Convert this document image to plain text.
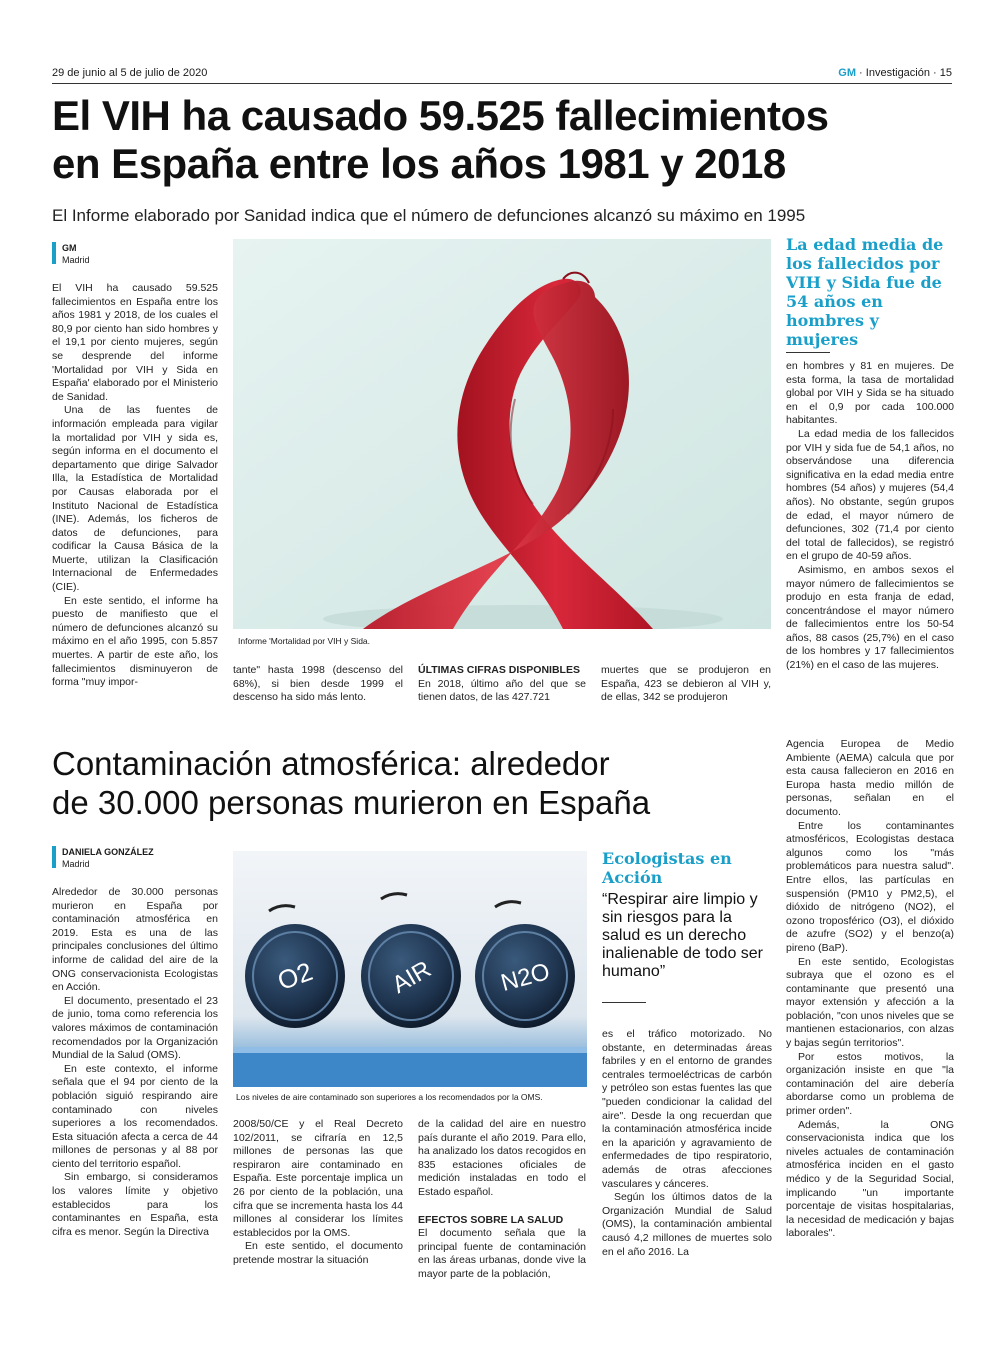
29 de junio al 5 de julio de 2020	GM · Investigación · 15
El VIH ha causado 59.525 fallecimientos
en España entre los años 1981 y 2018
El Informe elaborado por Sanidad indica que el número de defunciones alcanzó su máximo en 1995
GM
Madrid

El VIH ha causado 59.525 fallecimientos en España entre los años 1981 y 2018, de los cuales el 80,9 por ciento han sido hombres y el 19,1 por ciento mujeres, según se desprende del informe 'Mortalidad por VIH y Sida en España' elaborado por el Ministerio de Sanidad.

Una de las fuentes de información empleada para vigilar la mortalidad por VIH y sida es, según informa en el documento el departamento que dirige Salvador Illa, la Estadística de Mortalidad por Causas elaborada por el Instituto Nacional de Estadística (INE). Además, los ficheros de datos de defunciones, para codificar la Causa Básica de la Muerte, utilizan la Clasificación Internacional de Enfermedades (CIE).

En este sentido, el informe ha puesto de manifiesto que el número de defunciones alcanzó su máximo en el año 1995, con 5.857 muertes. A partir de este año, los fallecimientos disminuyeron de forma "muy impor-

Informe 'Mortalidad por VIH y Sida.

tante" hasta 1998 (descenso del 68%), si bien desde 1999 el descenso ha sido más lento.

ÚLTIMAS CIFRAS DISPONIBLES

En 2018, último año del que se tienen datos, de las 427.721

muertes que se produjeron en España, 423 se debieron al VIH y, de ellas, 342 se produjeron

La edad media de los fallecidos por VIH y Sida fue de 54 años en hombres y mujeres

en hombres y 81 en mujeres. De esta forma, la tasa de mortalidad global por VIH y Sida se ha situado en el 0,9 por cada 100.000 habitantes.

La edad media de los fallecidos por VIH y sida fue de 54,1 años, no observándose una diferencia significativa en la edad media entre hombres (54 años) y mujeres (54,4 años). No obstante, según grupos de edad, el mayor número de defunciones, 302 (71,4 por ciento del total de fallecidos), se registró en el grupo de 40-59 años.

Asimismo, en ambos sexos el mayor número de fallecimientos se produjo en esta franja de edad, concentrándose el mayor número de fallecimientos entre los 50-54 años, 88 casos (25,7%) en el caso de los hombres y 17 fallecimientos (21%) en el caso de las mujeres.

Contaminación atmosférica: alrededor
de 30.000 personas murieron en España
DANIELA GONZÁLEZ
Madrid

Alrededor de 30.000 personas murieron en España por contaminación atmosférica en 2019. Esta es una de las principales conclusiones del último informe de calidad del aire de la ONG conservacionista Ecologistas en Acción.

El documento, presentado el 23 de junio, toma como referencia los valores máximos de contaminación recomendados por la Organización Mundial de la Salud (OMS).

En este contexto, el informe señala que el 94 por ciento de la población siguió respirando aire contaminado con niveles superiores a los recomendados. Esta situación afecta a cerca de 44 millones de personas y al 88 por ciento del territorio español.

Sin embargo, si consideramos los valores límite y objetivo establecidos para los contaminantes en España, esta cifra es menor. Según la Directiva

O2	AIR	N2O
Los niveles de aire contaminado son superiores a los recomendados por la OMS.

2008/50/CE y el Real Decreto 102/2011, se cifraría en 12,5 millones de personas las que respiraron aire contaminado en España. Este porcentaje implica un 26 por ciento de la población, una cifra que se incrementa hasta los 44 millones al considerar los límites establecidos por la OMS.

En este sentido, el documento pretende mostrar la situación

de la calidad del aire en nuestro país durante el año 2019. Para ello, ha analizado los datos recogidos en 835 estaciones oficiales de medición instaladas en todo el Estado español.

EFECTOS SOBRE LA SALUD

El documento señala que la principal fuente de contaminación en las áreas urbanas, donde vive la mayor parte de la población,

Ecologistas en Acción
“Respirar aire limpio y sin riesgos para la salud es un derecho inalienable de todo ser humano”

es el tráfico motorizado. No obstante, en determinadas áreas fabriles y en el entorno de grandes centrales termoeléctricas de carbón y petróleo son estas fuentes las que "pueden condicionar la calidad del aire". Desde la ong recuerdan que la contaminación atmosférica incide en la aparición y agravamiento de enfermedades de tipo respiratorio, además de otras afecciones vasculares y cánceres.

Según los últimos datos de la Organización Mundial de Salud (OMS), la contaminación ambiental causó 4,2 millones de muertes solo en el año 2016. La

Agencia Europea de Medio Ambiente (AEMA) calcula que por esta causa fallecieron en 2016 en Europa hasta medio millón de personas, señalan en el documento.

Entre los contaminantes atmosféricos, Ecologistas destaca algunos como los "más problemáticos para nuestra salud". Entre ellos, las partículas en suspensión (PM10 y PM2,5), el dióxido de nitrógeno (NO2), el ozono troposférico (O3), el dióxido de azufre (SO2) y el benzo(a) pireno (BaP).

En este sentido, Ecologistas subraya que el ozono es el contaminante que presentó una mayor extensión y afección a la población, "con unos niveles que se mantienen estacionarios, con alzas y bajas según territorios".

Por estos motivos, la organización insiste en que "la contaminación del aire debería abordarse como un problema de primer orden".

Además, la ONG conservacionista indica que los niveles actuales de contaminación atmosférica inciden en el gasto médico y de la Seguridad Social, implicando "un importante porcentaje de visitas hospitalarias, la necesidad de medicación y bajas laborales".
